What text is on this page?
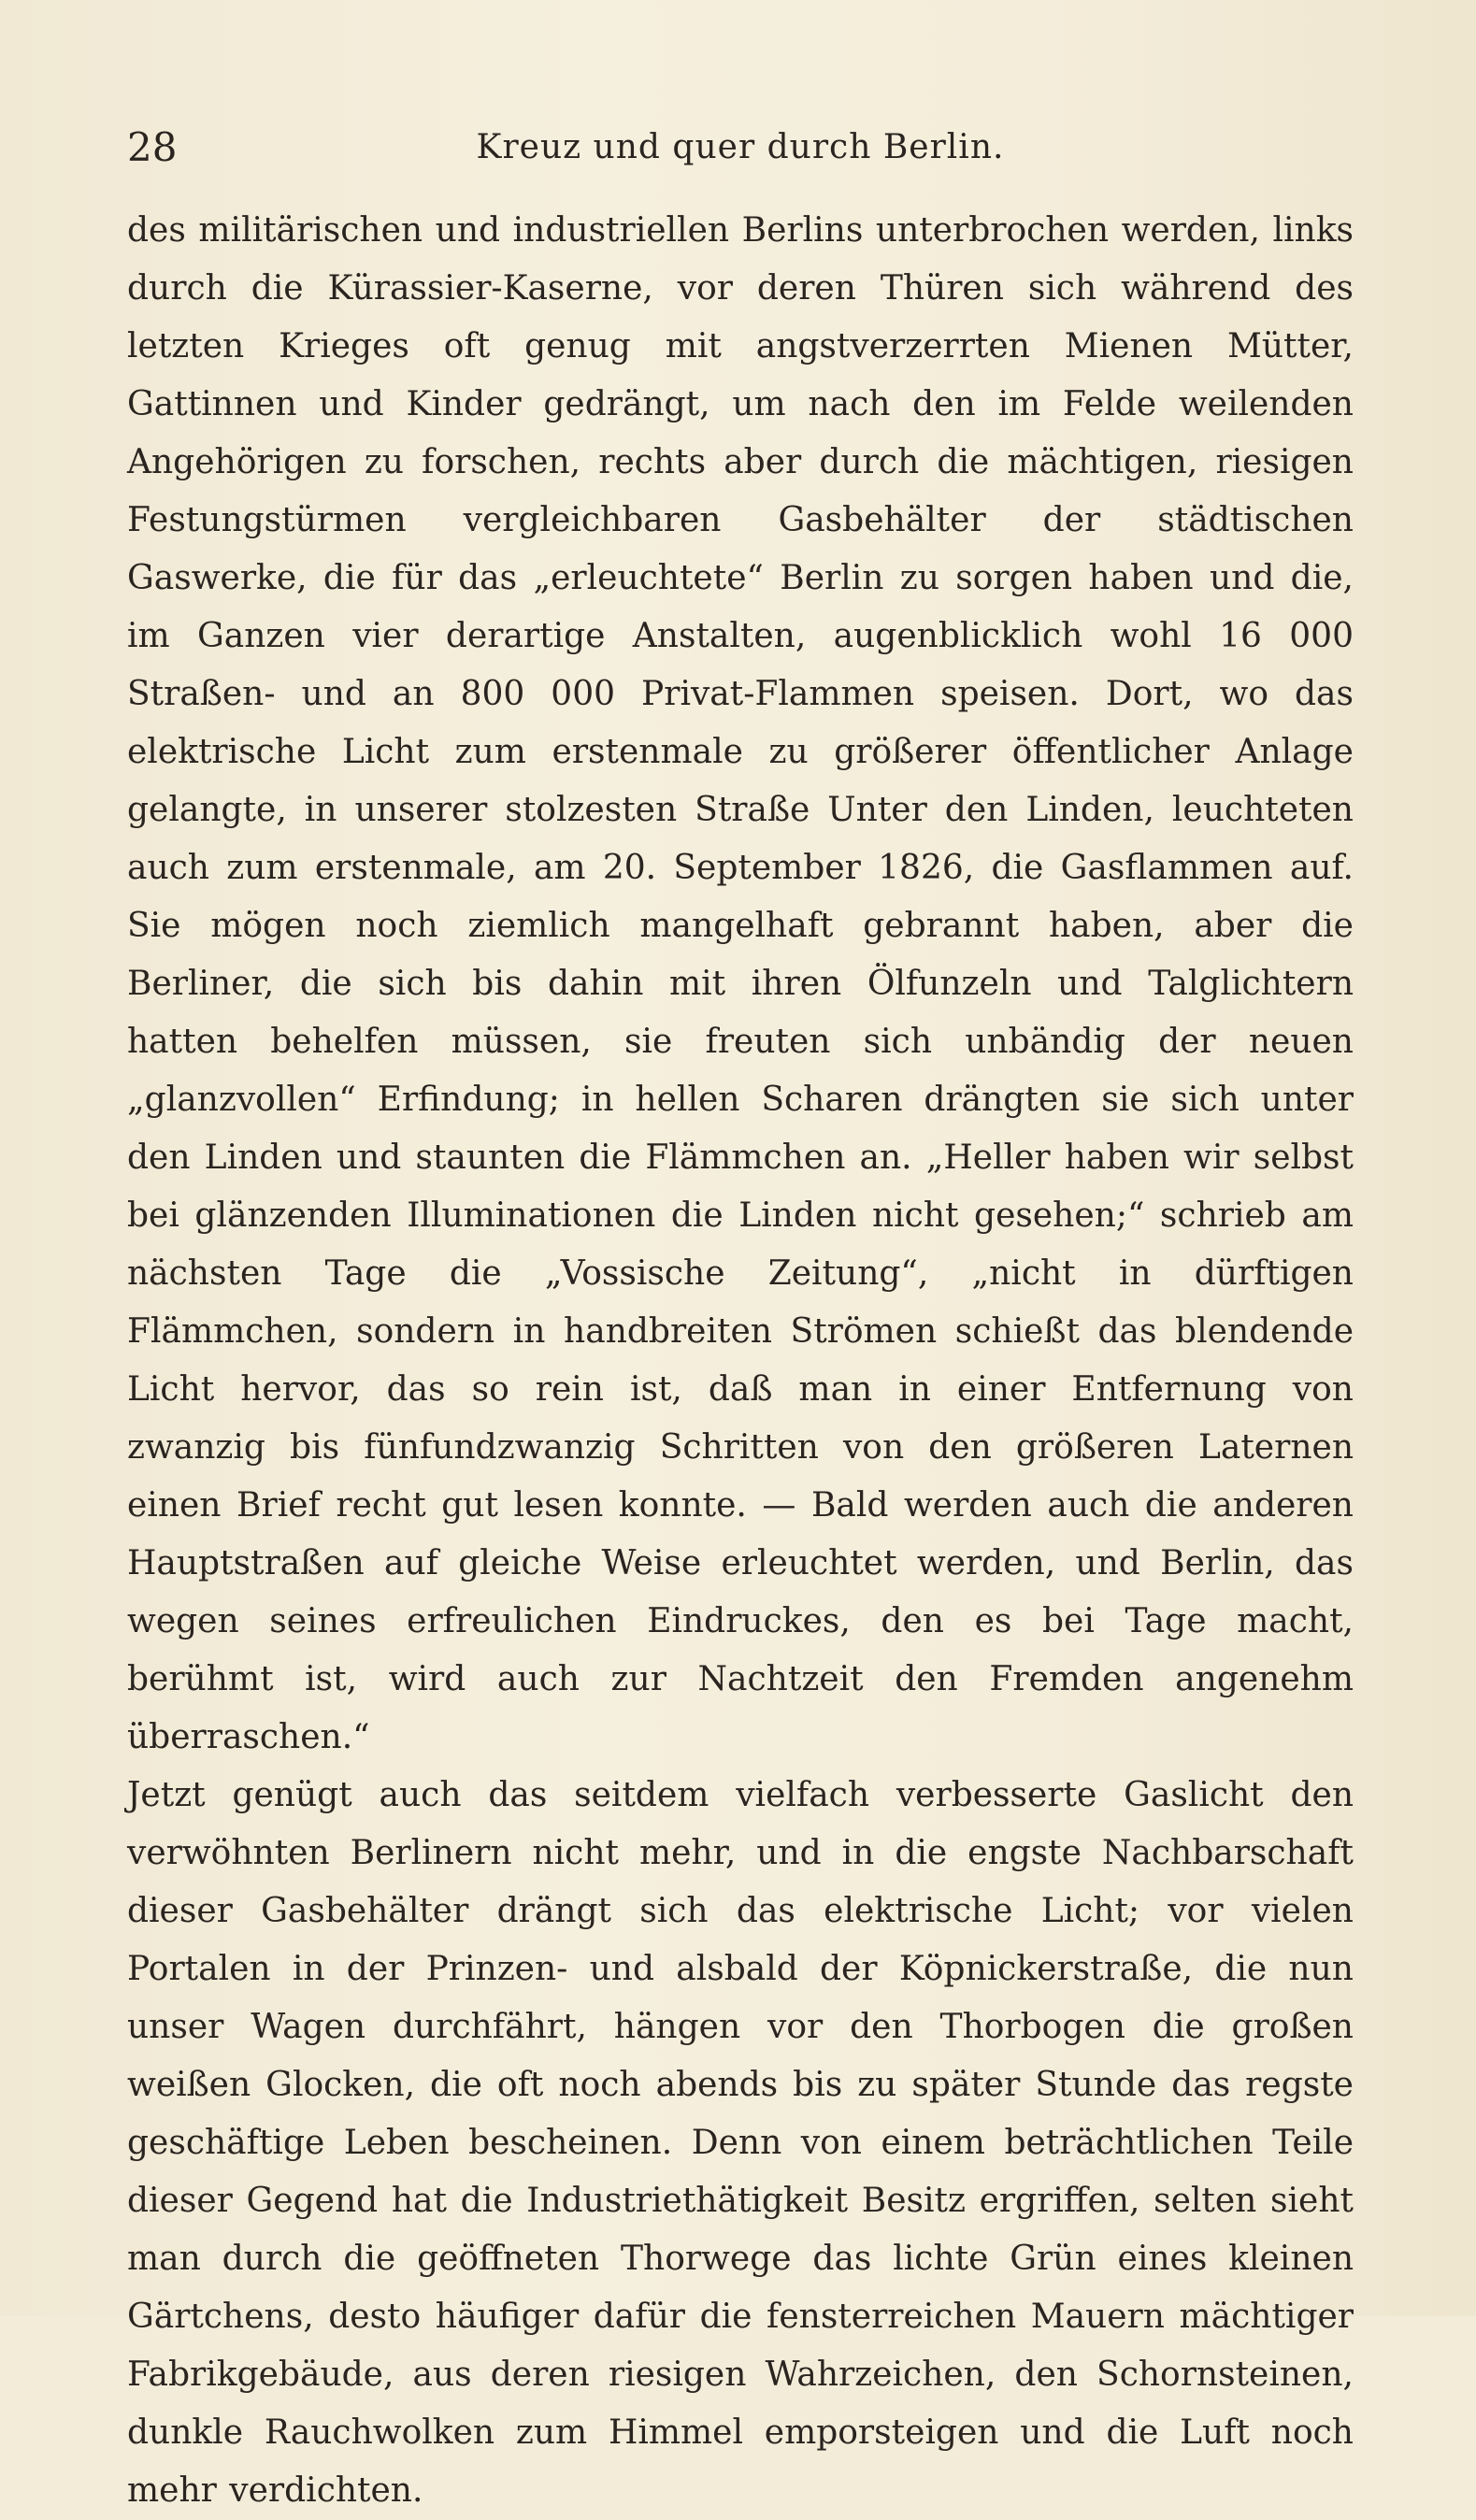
28	Kreuz und quer durch Berlin.

des militärischen und industriellen Berlins unterbrochen werden, links durch die Kürassier-Kaserne, vor deren Thüren sich während des letzten Krieges oft genug mit angstverzerrten Mienen Mütter, Gattinnen und Kinder gedrängt, um nach den im Felde weilenden Angehörigen zu forschen, rechts aber durch die mächtigen, riesigen Festungstürmen vergleichbaren Gasbehälter der städtischen Gaswerke, die für das „erleuchtete“ Berlin zu sorgen haben und die, im Ganzen vier derartige Anstalten, augenblicklich wohl 16 000 Straßen- und an 800 000 Privat-Flammen speisen. Dort, wo das elektrische Licht zum erstenmale zu größerer öffentlicher Anlage gelangte, in unserer stolzesten Straße Unter den Linden, leuchteten auch zum erstenmale, am 20. September 1826, die Gasflammen auf. Sie mögen noch ziemlich mangelhaft gebrannt haben, aber die Berliner, die sich bis dahin mit ihren Ölfunzeln und Talglichtern hatten behelfen müssen, sie freuten sich unbändig der neuen „glanzvollen“ Erfindung; in hellen Scharen drängten sie sich unter den Linden und staunten die Flämmchen an. „Heller haben wir selbst bei glänzenden Illuminationen die Linden nicht gesehen;“ schrieb am nächsten Tage die „Vossische Zeitung“, „nicht in dürftigen Flämmchen, sondern in handbreiten Strömen schießt das blendende Licht hervor, das so rein ist, daß man in einer Entfernung von zwanzig bis fünfundzwanzig Schritten von den größeren Laternen einen Brief recht gut lesen konnte. — Bald werden auch die anderen Hauptstraßen auf gleiche Weise erleuchtet werden, und Berlin, das wegen seines erfreulichen Eindruckes, den es bei Tage macht, berühmt ist, wird auch zur Nachtzeit den Fremden angenehm überraschen.“

Jetzt genügt auch das seitdem vielfach verbesserte Gaslicht den verwöhnten Berlinern nicht mehr, und in die engste Nachbarschaft dieser Gasbehälter drängt sich das elektrische Licht; vor vielen Portalen in der Prinzen- und alsbald der Köpnickerstraße, die nun unser Wagen durchfährt, hängen vor den Thorbogen die großen weißen Glocken, die oft noch abends bis zu später Stunde das regste geschäftige Leben bescheinen. Denn von einem beträchtlichen Teile dieser Gegend hat die Industriethätigkeit Besitz ergriffen, selten sieht man durch die geöffneten Thorwege das lichte Grün eines kleinen Gärtchens, desto häufiger dafür die fensterreichen Mauern mächtiger Fabrikgebäude, aus deren riesigen Wahrzeichen, den Schornsteinen, dunkle Rauchwolken zum Himmel emporsteigen und die Luft noch mehr verdichten.
